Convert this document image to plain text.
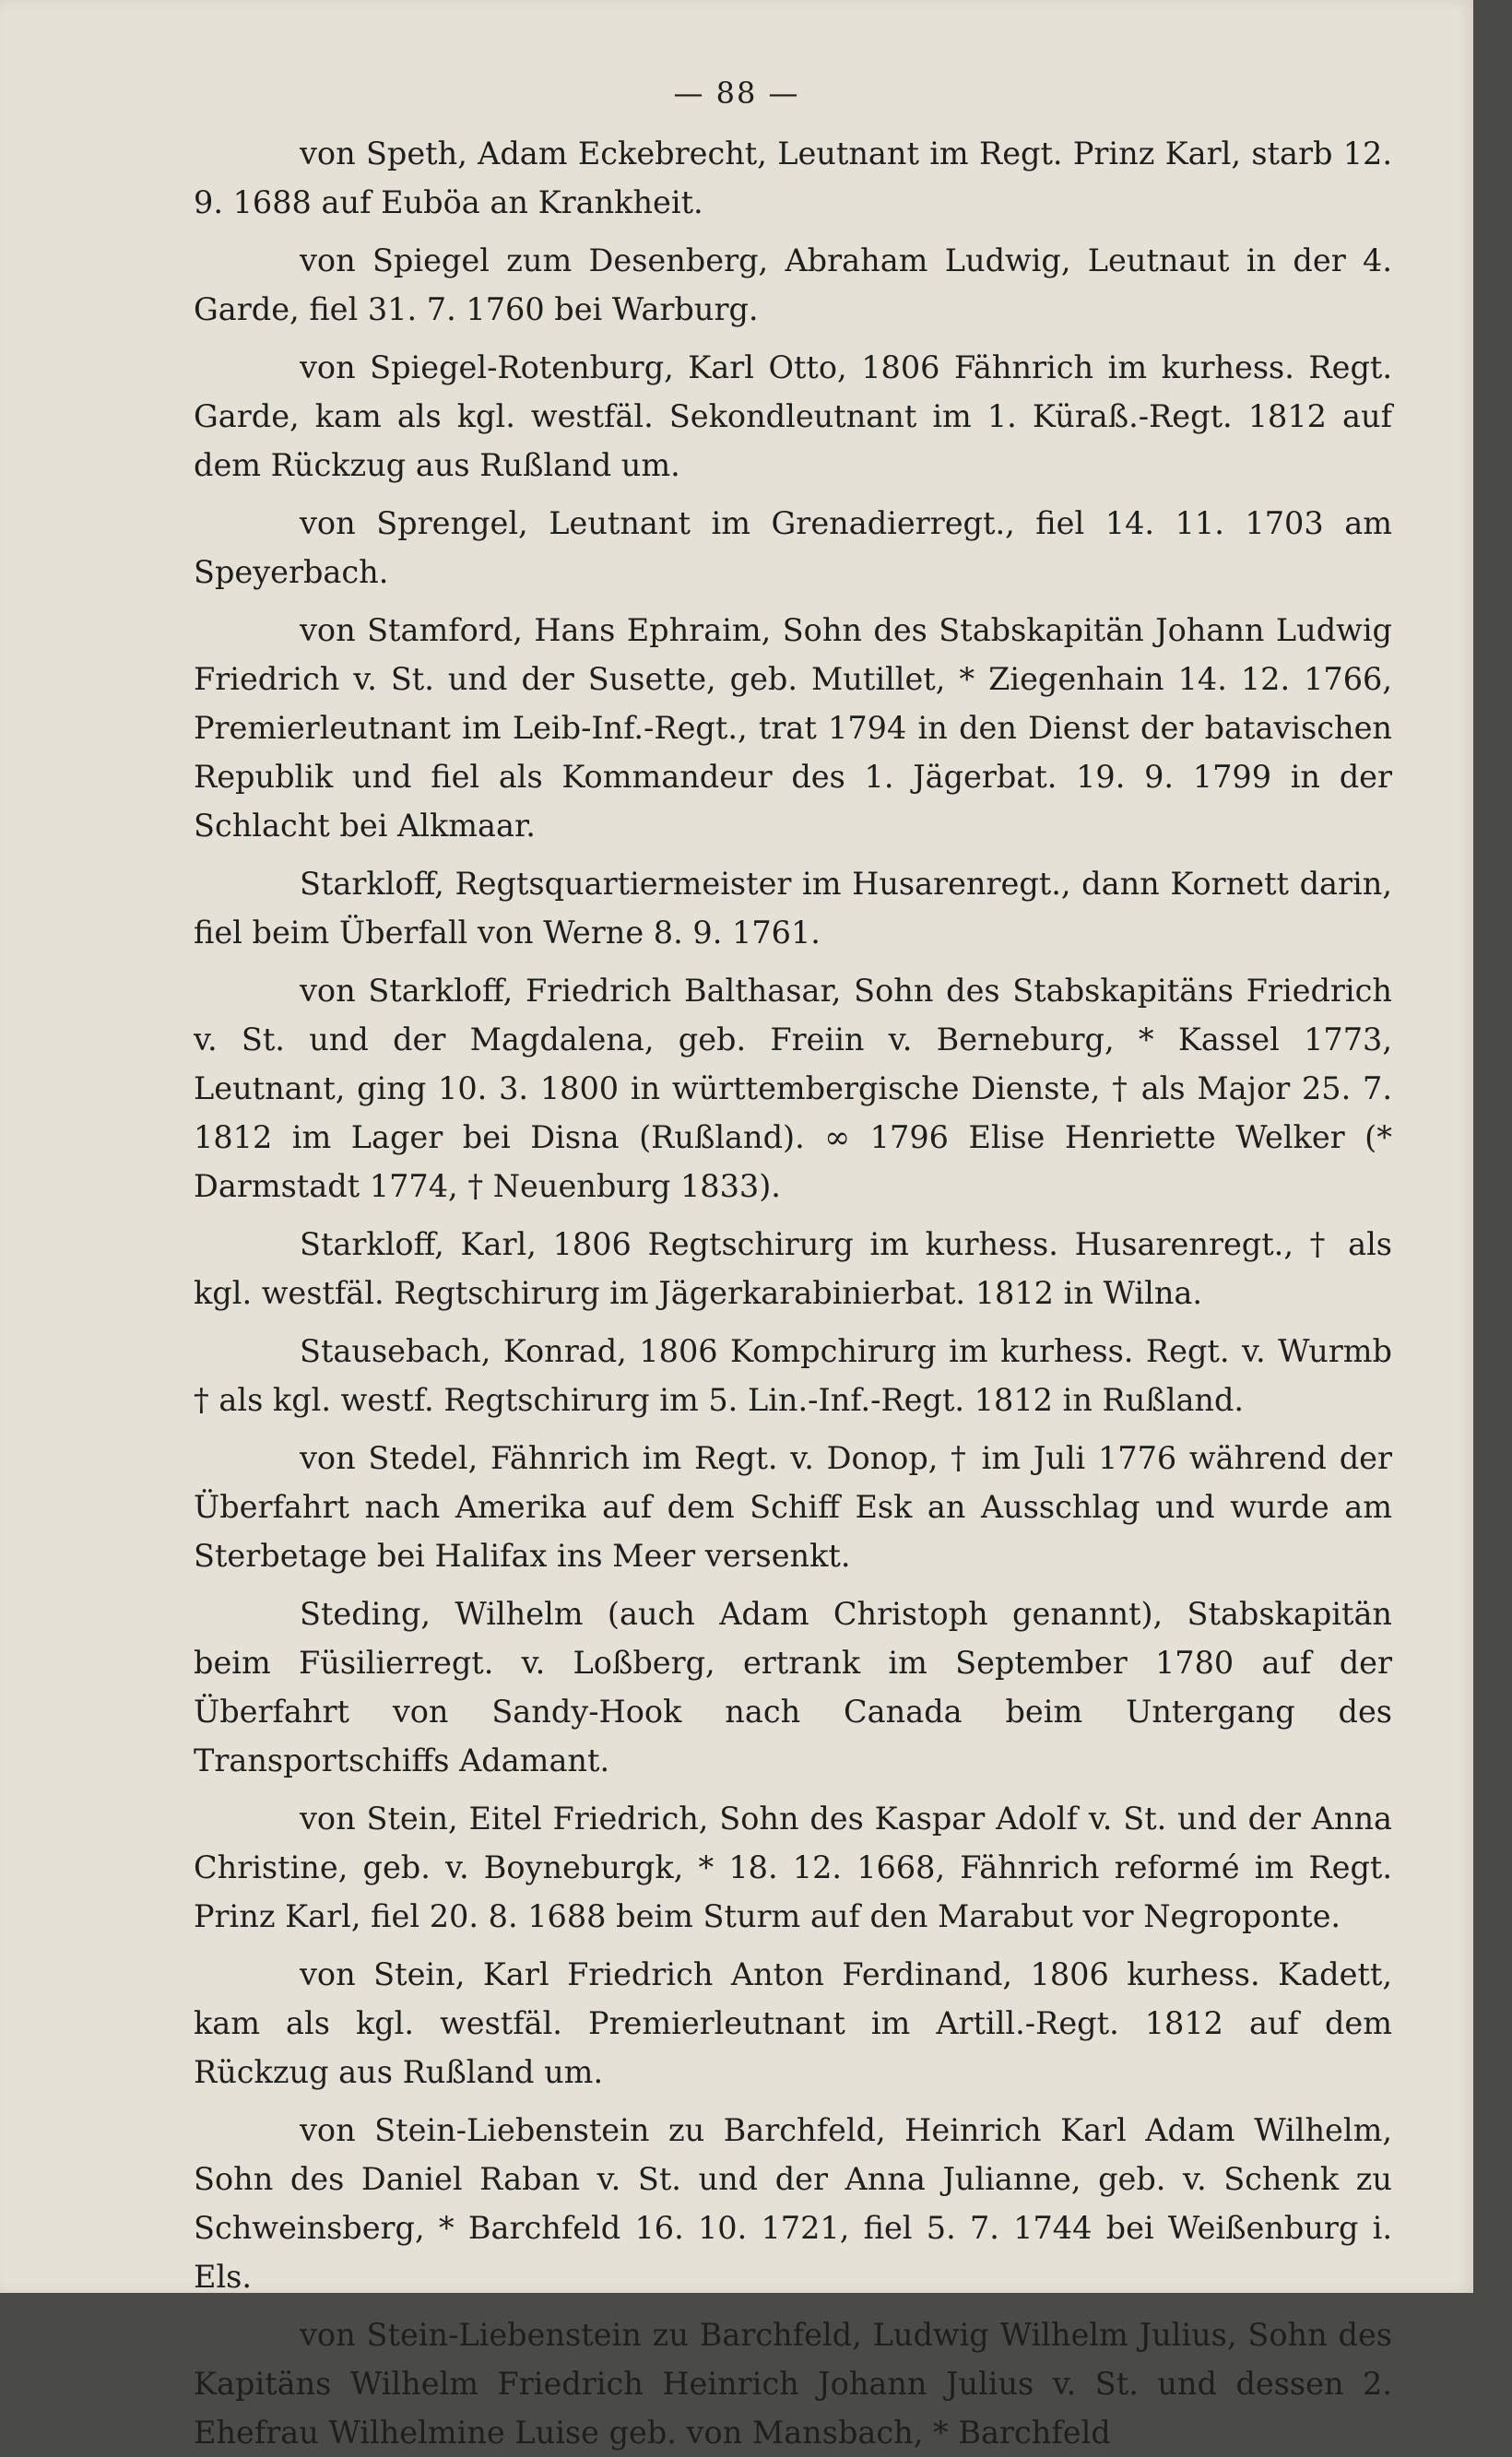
— 88 —

von Speth, Adam Eckebrecht, Leutnant im Regt. Prinz Karl, starb 12. 9. 1688 auf Euböa an Krankheit.

von Spiegel zum Desenberg, Abraham Ludwig, Leutnaut in der 4. Garde, fiel 31. 7. 1760 bei Warburg.

von Spiegel-Rotenburg, Karl Otto, 1806 Fähnrich im kurhess. Regt. Garde, kam als kgl. westfäl. Sekondleutnant im 1. Küraß.-Regt. 1812 auf dem Rückzug aus Rußland um.

von Sprengel, Leutnant im Grenadierregt., fiel 14. 11. 1703 am Speyerbach.

von Stamford, Hans Ephraim, Sohn des Stabskapitän Johann Ludwig Friedrich v. St. und der Susette, geb. Mutillet, * Ziegenhain 14. 12. 1766, Premierleutnant im Leib-Inf.-Regt., trat 1794 in den Dienst der batavischen Republik und fiel als Kommandeur des 1. Jägerbat. 19. 9. 1799 in der Schlacht bei Alkmaar.

Starkloff, Regtsquartiermeister im Husarenregt., dann Kornett darin, fiel beim Überfall von Werne 8. 9. 1761.

von Starkloff, Friedrich Balthasar, Sohn des Stabskapitäns Friedrich v. St. und der Magdalena, geb. Freiin v. Berneburg, * Kassel 1773, Leutnant, ging 10. 3. 1800 in württembergische Dienste, † als Major 25. 7. 1812 im Lager bei Disna (Rußland). ∞ 1796 Elise Henriette Welker (* Darmstadt 1774, † Neuenburg 1833).

Starkloff, Karl, 1806 Regtschirurg im kurhess. Husarenregt., † als kgl. westfäl. Regtschirurg im Jägerkarabinierbat. 1812 in Wilna.

Stausebach, Konrad, 1806 Kompchirurg im kurhess. Regt. v. Wurmb † als kgl. westf. Regtschirurg im 5. Lin.-Inf.-Regt. 1812 in Rußland.

von Stedel, Fähnrich im Regt. v. Donop, † im Juli 1776 während der Überfahrt nach Amerika auf dem Schiff Esk an Ausschlag und wurde am Sterbetage bei Halifax ins Meer versenkt.

Steding, Wilhelm (auch Adam Christoph genannt), Stabskapitän beim Füsilierregt. v. Loßberg, ertrank im September 1780 auf der Überfahrt von Sandy-Hook nach Canada beim Untergang des Transportschiffs Adamant.

von Stein, Eitel Friedrich, Sohn des Kaspar Adolf v. St. und der Anna Christine, geb. v. Boyneburgk, * 18. 12. 1668, Fähnrich reformé im Regt. Prinz Karl, fiel 20. 8. 1688 beim Sturm auf den Marabut vor Negroponte.

von Stein, Karl Friedrich Anton Ferdinand, 1806 kurhess. Kadett, kam als kgl. westfäl. Premierleutnant im Artill.-Regt. 1812 auf dem Rückzug aus Rußland um.

von Stein-Liebenstein zu Barchfeld, Heinrich Karl Adam Wilhelm, Sohn des Daniel Raban v. St. und der Anna Julianne, geb. v. Schenk zu Schweinsberg, * Barchfeld 16. 10. 1721, fiel 5. 7. 1744 bei Weißenburg i. Els.

von Stein-Liebenstein zu Barchfeld, Ludwig Wilhelm Julius, Sohn des Kapitäns Wilhelm Friedrich Heinrich Johann Julius v. St. und dessen 2. Ehefrau Wilhelmine Luise geb. von Mansbach, * Barchfeld
